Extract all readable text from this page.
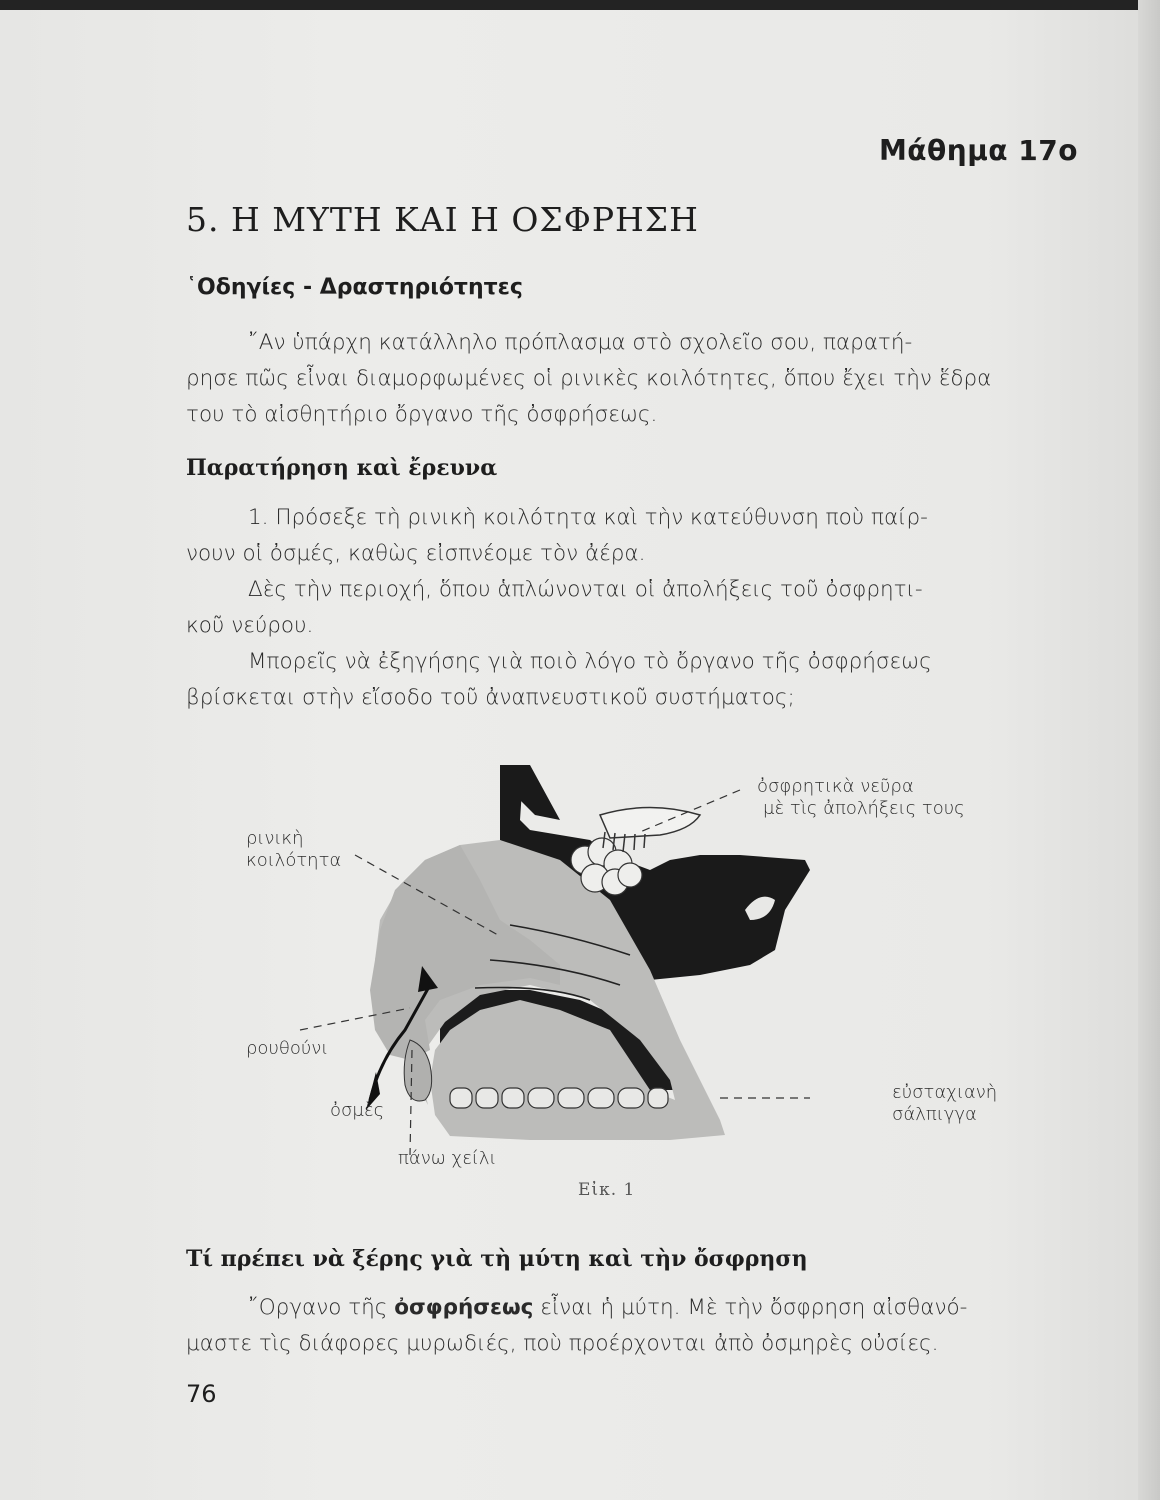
Μάθημα 17ο
5. Η ΜΥΤΗ ΚΑΙ Η ΟΣΦΡΗΣΗ
῾Οδηγίες - Δραστηριότητες
῎Αν ὑπάρχη κατάλληλο πρόπλασμα στὸ σχολεῖο σου, παρατή-
ρησε πῶς εἶναι διαμορφωμένες οἱ ρινικὲς κοιλότητες, ὅπου ἔχει τὴν ἕδρα
του τὸ αἰσθητήριο ὄργανο τῆς ὀσφρήσεως.
Παρατήρηση καὶ ἔρευνα
1. Πρόσεξε τὴ ρινικὴ κοιλότητα καὶ τὴν κατεύθυνση ποὺ παίρ-
νουν οἱ ὀσμές, καθὼς εἰσπνέομε τὸν ἀέρα.
Δὲς τὴν περιοχή, ὅπου ἁπλώνονται οἱ ἀπολήξεις τοῦ ὀσφρητι-
κοῦ νεύρου.
Μπορεῖς νὰ ἐξηγήσης γιὰ ποιὸ λόγο τὸ ὄργανο τῆς ὀσφρήσεως
βρίσκεται στὴν εἴσοδο τοῦ ἀναπνευστικοῦ συστήματος;
ὀσφρητικὰ νεῦρα
μὲ τὶς ἀπολήξεις τους
ρινικὴ
κοιλότητα
ρουθούνι
ὀσμὲς
πάνω χείλι
εὐσταχιανὴ
σάλπιγγα
Εἰκ. 1
Τί πρέπει νὰ ξέρης γιὰ τὴ μύτη καὶ τὴν ὄσφρηση
῎Οργανο τῆς ὀσφρήσεως εἶναι ἡ μύτη. Μὲ τὴν ὄσφρηση αἰσθανό-
μαστε τὶς διάφορες μυρωδιές, ποὺ προέρχονται ἀπὸ ὀσμηρὲς οὐσίες.
76
